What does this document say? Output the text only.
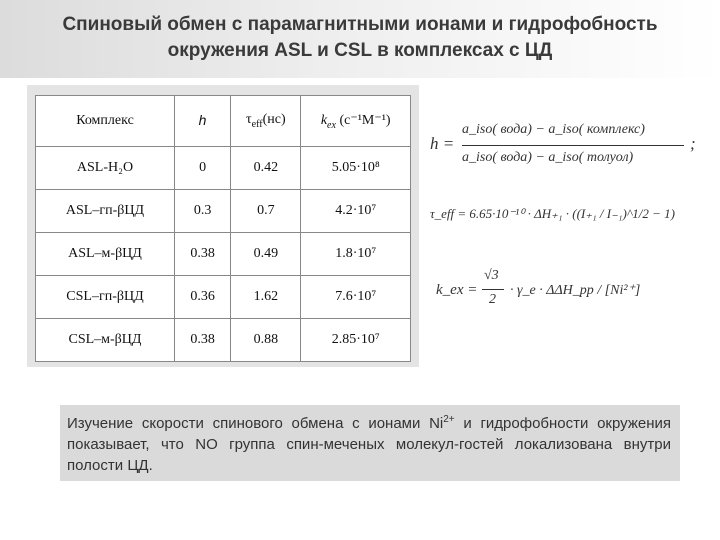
Спиновый обмен с парамагнитными ионами и гидрофобность
окружения ASL и CSL в комплексах с ЦД
Комплекс	h	$\tau_{eff}(нс)$	$k_{ex}$ (с⁻¹М⁻¹)
ASL-H₂O	0	0.42	5.05·10⁸
ASL–гп-βЦД	0.3	0.7	4.2·10⁷
ASL–м-βЦД	0.38	0.49	1.8·10⁷
CSL–гп-βЦД	0.36	1.62	7.6·10⁷
CSL–м-βЦД	0.38	0.88	2.85·10⁷
h =
a_iso( вода) − a_iso( комплекс)
a_iso( вода) − a_iso( толуол)
;
τ_eff = 6.65·10⁻¹⁰ · ΔH₊₁ · ((I₊₁ / I₋₁)^1/2 − 1)
k_ex =
√3
2
· γ_e · ΔΔH_pp / [Ni²⁺]
Изучение скорости спинового обмена с ионами $Ni^{2+}$ и гидрофобности окружения показывает, что NO группа спин-меченых молекул-гостей локализована внутри полости ЦД.
